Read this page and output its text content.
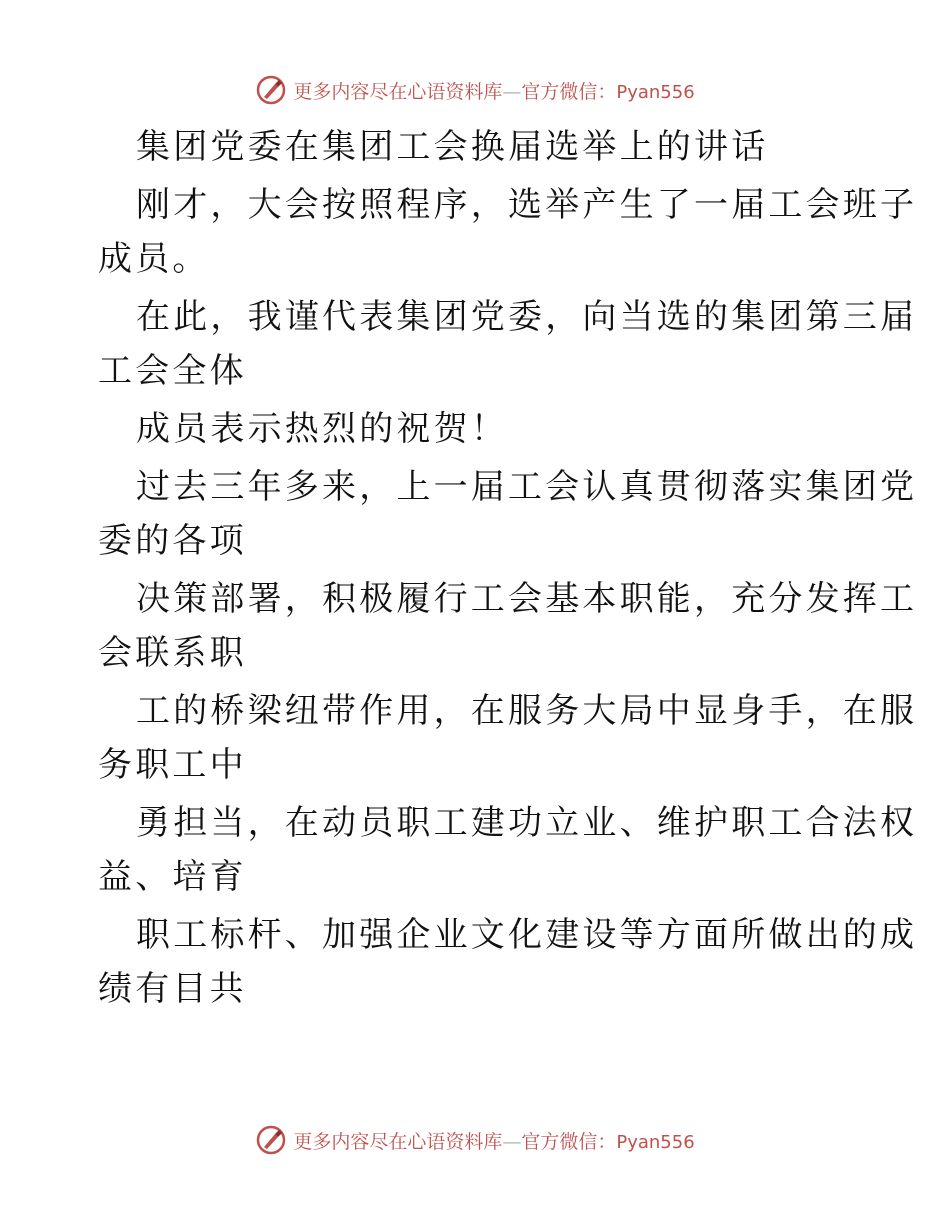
更多内容尽在心语资料库—官方微信：Pyan556
集团党委在集团工会换届选举上的讲话
刚才，大会按照程序，选举产生了一届工会班子
成员。
在此，我谨代表集团党委，向当选的集团第三届
工会全体
成员表示热烈的祝贺！
过去三年多来，上一届工会认真贯彻落实集团党
委的各项
决策部署，积极履行工会基本职能，充分发挥工
会联系职
工的桥梁纽带作用，在服务大局中显身手，在服
务职工中
勇担当，在动员职工建功立业、维护职工合法权
益、培育
职工标杆、加强企业文化建设等方面所做出的成
绩有目共
更多内容尽在心语资料库—官方微信：Pyan556
